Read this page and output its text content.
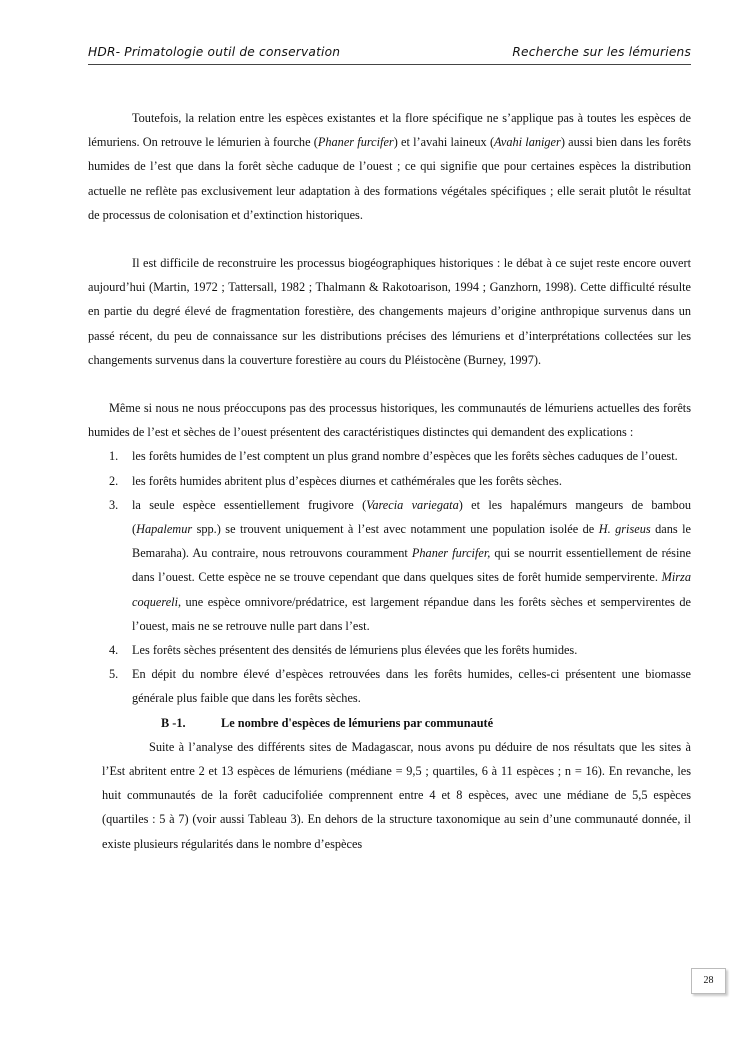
HDR- Primatologie outil de conservation	Recherche sur les lémuriens

Toutefois, la relation entre les espèces existantes et la flore spécifique ne s’applique pas à toutes les espèces de lémuriens. On retrouve le lémurien à fourche (Phaner furcifer) et l’avahi laineux (Avahi laniger) aussi bien dans les forêts humides de l’est que dans la forêt sèche caduque de l’ouest ; ce qui signifie que pour certaines espèces la distribution actuelle ne reflète pas exclusivement leur adaptation à des formations végétales spécifiques ; elle serait plutôt le résultat de processus de colonisation et d’extinction historiques.

Il est difficile de reconstruire les processus biogéographiques historiques : le débat à ce sujet reste encore ouvert aujourd’hui (Martin, 1972 ; Tattersall, 1982 ; Thalmann & Rakotoarison, 1994 ; Ganzhorn, 1998). Cette difficulté résulte en partie du degré élevé de fragmentation forestière, des changements majeurs d’origine anthropique survenus dans un passé récent, du peu de connaissance sur les distributions précises des lémuriens et d’interprétations collectées sur les changements survenus dans la couverture forestière au cours du Pléistocène (Burney, 1997).

Même si nous ne nous préoccupons pas des processus historiques, les communautés de lémuriens actuelles des forêts humides de l’est et sèches de l’ouest présentent des caractéristiques distinctes qui demandent des explications :

1. les forêts humides de l’est comptent un plus grand nombre d’espèces que les forêts sèches caduques de l’ouest.
2. les forêts humides abritent plus d’espèces diurnes et cathémérales que les forêts sèches.
3. la seule espèce essentiellement frugivore (Varecia variegata) et les hapalémurs mangeurs de bambou (Hapalemur spp.) se trouvent uniquement à l’est avec notamment une population isolée de H. griseus dans le Bemaraha). Au contraire, nous retrouvons couramment Phaner furcifer, qui se nourrit essentiellement de résine dans l’ouest. Cette espèce ne se trouve cependant que dans quelques sites de forêt humide sempervirente. Mirza coquereli, une espèce omnivore/prédatrice, est largement répandue dans les forêts sèches et sempervirentes de l’ouest, mais ne se retrouve nulle part dans l’est.
4. Les forêts sèches présentent des densités de lémuriens plus élevées que les forêts humides.
5. En dépit du nombre élevé d’espèces retrouvées dans les forêts humides, celles-ci présentent une biomasse générale plus faible que dans les forêts sèches.

B -1.	Le nombre d'espèces de lémuriens par communauté

Suite à l’analyse des différents sites de Madagascar, nous avons pu déduire de nos résultats que les sites à l’Est abritent entre 2 et 13 espèces de lémuriens (médiane = 9,5 ; quartiles, 6 à 11 espèces ; n = 16). En revanche, les huit communautés de la forêt caducifoliée comprennent entre 4 et 8 espèces, avec une médiane de 5,5 espèces (quartiles : 5 à 7) (voir aussi Tableau 3). En dehors de la structure taxonomique au sein d’une communauté donnée, il existe plusieurs régularités dans le nombre d’espèces

28
